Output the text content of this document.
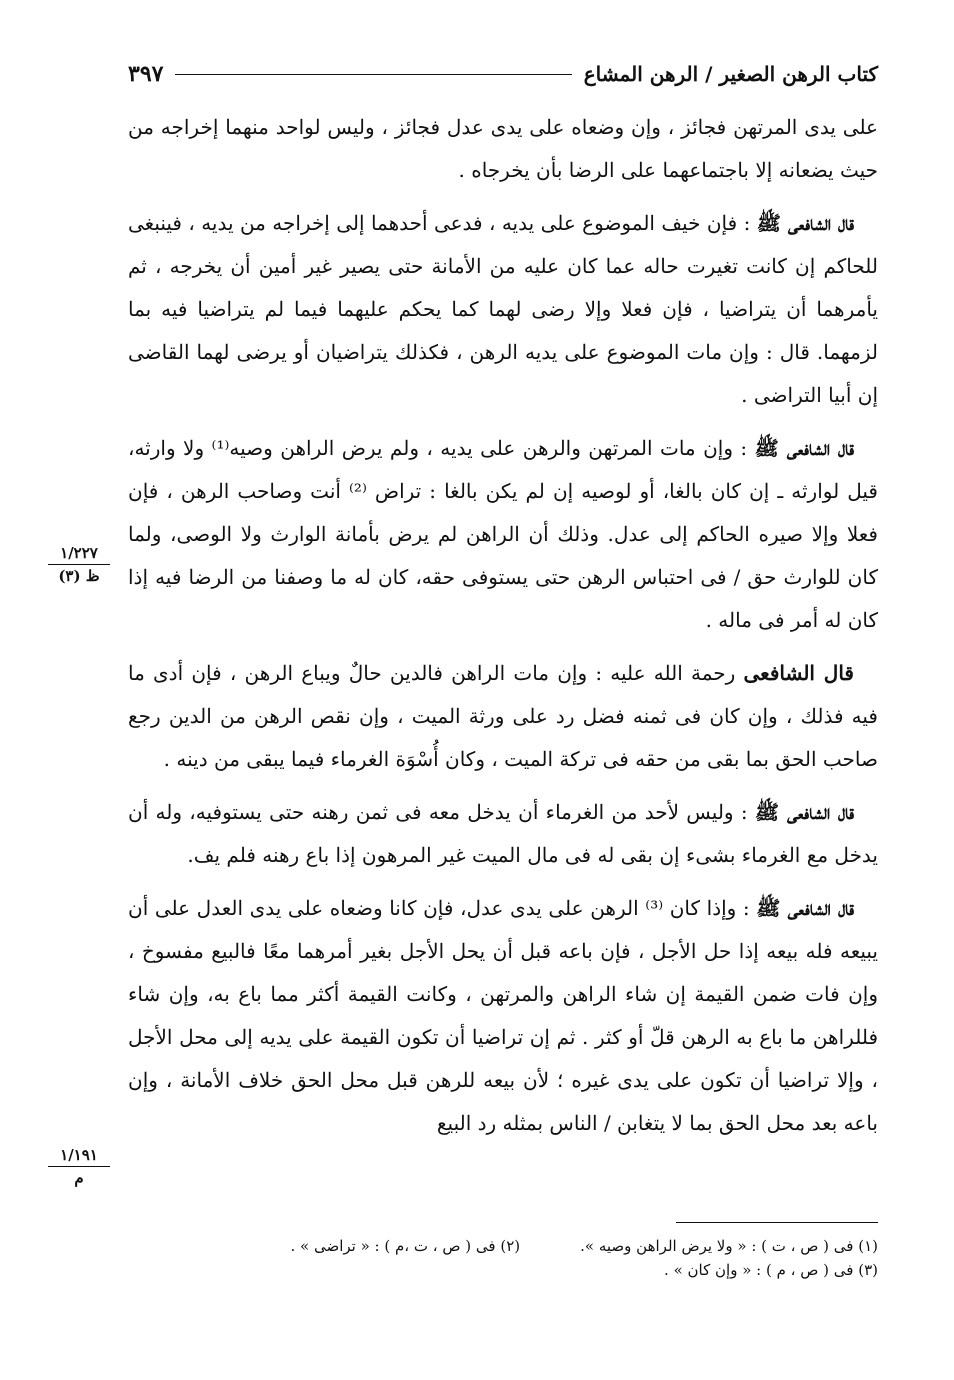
كتاب الرهن الصغير / الرهن المشاع
٣٩٧

على يدى المرتهن فجائز ، وإن وضعاه على يدى عدل فجائز ، وليس لواحد منهما إخراجه من حيث يضعانه إلا باجتماعهما على الرضا بأن يخرجاه .

قال الشافعى ﷺ : فإن خيف الموضوع على يديه ، فدعى أحدهما إلى إخراجه من يديه ، فينبغى للحاكم إن كانت تغيرت حاله عما كان عليه من الأمانة حتى يصير غير أمين أن يخرجه ، ثم يأمرهما أن يتراضيا ، فإن فعلا وإلا رضى لهما كما يحكم عليهما فيما لم يتراضيا فيه بما لزمهما. قال : وإن مات الموضوع على يديه الرهن ، فكذلك يتراضيان أو يرضى لهما القاضى إن أبيا التراضى .

قال الشافعى ﷺ : وإن مات المرتهن والرهن على يديه ، ولم يرض الراهن وصيه⁽¹⁾ ولا وارثه، قيل لوارثه ـ إن كان بالغا، أو لوصيه إن لم يكن بالغا : تراض ⁽²⁾ أنت وصاحب الرهن ، فإن فعلا وإلا صيره الحاكم إلى عدل. وذلك أن الراهن لم يرض بأمانة الوارث ولا الوصى، ولما كان للوارث حق / فى احتباس الرهن حتى يستوفى حقه، كان له ما وصفنا من الرضا فيه إذا كان له أمر فى ماله .

قال الشافعى رحمة الله عليه : وإن مات الراهن فالدين حالٌ ويباع الرهن ، فإن أدى ما فيه فذلك ، وإن كان فى ثمنه فضل رد على ورثة الميت ، وإن نقص الرهن من الدين رجع صاحب الحق بما بقى من حقه فى تركة الميت ، وكان أُسْوَة الغرماء فيما يبقى من دينه .

قال الشافعى ﷺ : وليس لأحد من الغرماء أن يدخل معه فى ثمن رهنه حتى يستوفيه، وله أن يدخل مع الغرماء بشىء إن بقى له فى مال الميت غير المرهون إذا باع رهنه فلم يف.

قال الشافعى ﷺ : وإذا كان ⁽³⁾ الرهن على يدى عدل، فإن كانا وضعاه على يدى العدل على أن يبيعه فله بيعه إذا حل الأجل ، فإن باعه قبل أن يحل الأجل بغير أمرهما معًا فالبيع مفسوخ ، وإن فات ضمن القيمة إن شاء الراهن والمرتهن ، وكانت القيمة أكثر مما باع به، وإن شاء فللراهن ما باع به الرهن قلّ أو كثر . ثم إن تراضيا أن تكون القيمة على يديه إلى محل الأجل ، وإلا تراضيا أن تكون على يدى غيره ؛ لأن بيعه للرهن قبل محل الحق خلاف الأمانة ، وإن باعه بعد محل الحق بما لا يتغابن / الناس بمثله رد البيع

١/٢٢٧
ظ (٣)
١/١٩١
م
(١) فى ( ص ، ت ) : « ولا يرض الراهن وصيه ».
(٢) فى ( ص ، ت ،م ) : « تراضى » .
(٣) فى ( ص ، م ) : « وإن كان » .
